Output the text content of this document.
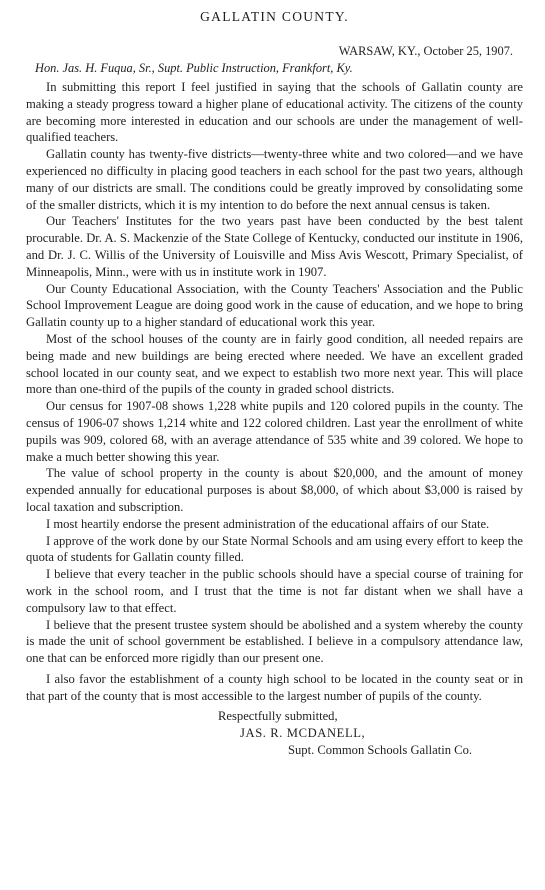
GALLATIN COUNTY.
WARSAW, KY., October 25, 1907.
Hon. Jas. H. Fuqua, Sr., Supt. Public Instruction, Frankfort, Ky.

In submitting this report I feel justified in saying that the schools of Gallatin county are making a steady progress toward a higher plane of educational activity. The citizens of the county are becoming more interested in education and our schools are under the management of well-qualified teachers.

Gallatin county has twenty-five districts—twenty-three white and two colored—and we have experienced no difficulty in placing good teachers in each school for the past two years, although many of our districts are small. The conditions could be greatly improved by consolidating some of the smaller districts, which it is my intention to do before the next annual census is taken.

Our Teachers' Institutes for the two years past have been conducted by the best talent procurable. Dr. A. S. Mackenzie of the State College of Kentucky, conducted our institute in 1906, and Dr. J. C. Willis of the University of Louisville and Miss Avis Wescott, Primary Specialist, of Minneapolis, Minn., were with us in institute work in 1907.

Our County Educational Association, with the County Teachers' Association and the Public School Improvement League are doing good work in the cause of education, and we hope to bring Gallatin county up to a higher standard of educational work this year.

Most of the school houses of the county are in fairly good condition, all needed repairs are being made and new buildings are being erected where needed. We have an excellent graded school located in our county seat, and we expect to establish two more next year. This will place more than one-third of the pupils of the county in graded school districts.

Our census for 1907-08 shows 1,228 white pupils and 120 colored pupils in the county. The census of 1906-07 shows 1,214 white and 122 colored children. Last year the enrollment of white pupils was 909, colored 68, with an average attendance of 535 white and 39 colored. We hope to make a much better showing this year.

The value of school property in the county is about $20,000, and the amount of money expended annually for educational purposes is about $8,000, of which about $3,000 is raised by local taxation and subscription.

I most heartily endorse the present administration of the educational affairs of our State.

I approve of the work done by our State Normal Schools and am using every effort to keep the quota of students for Gallatin county filled.

I believe that every teacher in the public schools should have a special course of training for work in the school room, and I trust that the time is not far distant when we shall have a compulsory law to that effect.

I believe that the present trustee system should be abolished and a system whereby the county is made the unit of school government be established. I believe in a compulsory attendance law, one that can be enforced more rigidly than our present one.

I also favor the establishment of a county high school to be located in the county seat or in that part of the county that is most accessible to the largest number of pupils of the county.

Respectfully submitted,
JAS. R. MCDANELL,
Supt. Common Schools Gallatin Co.
